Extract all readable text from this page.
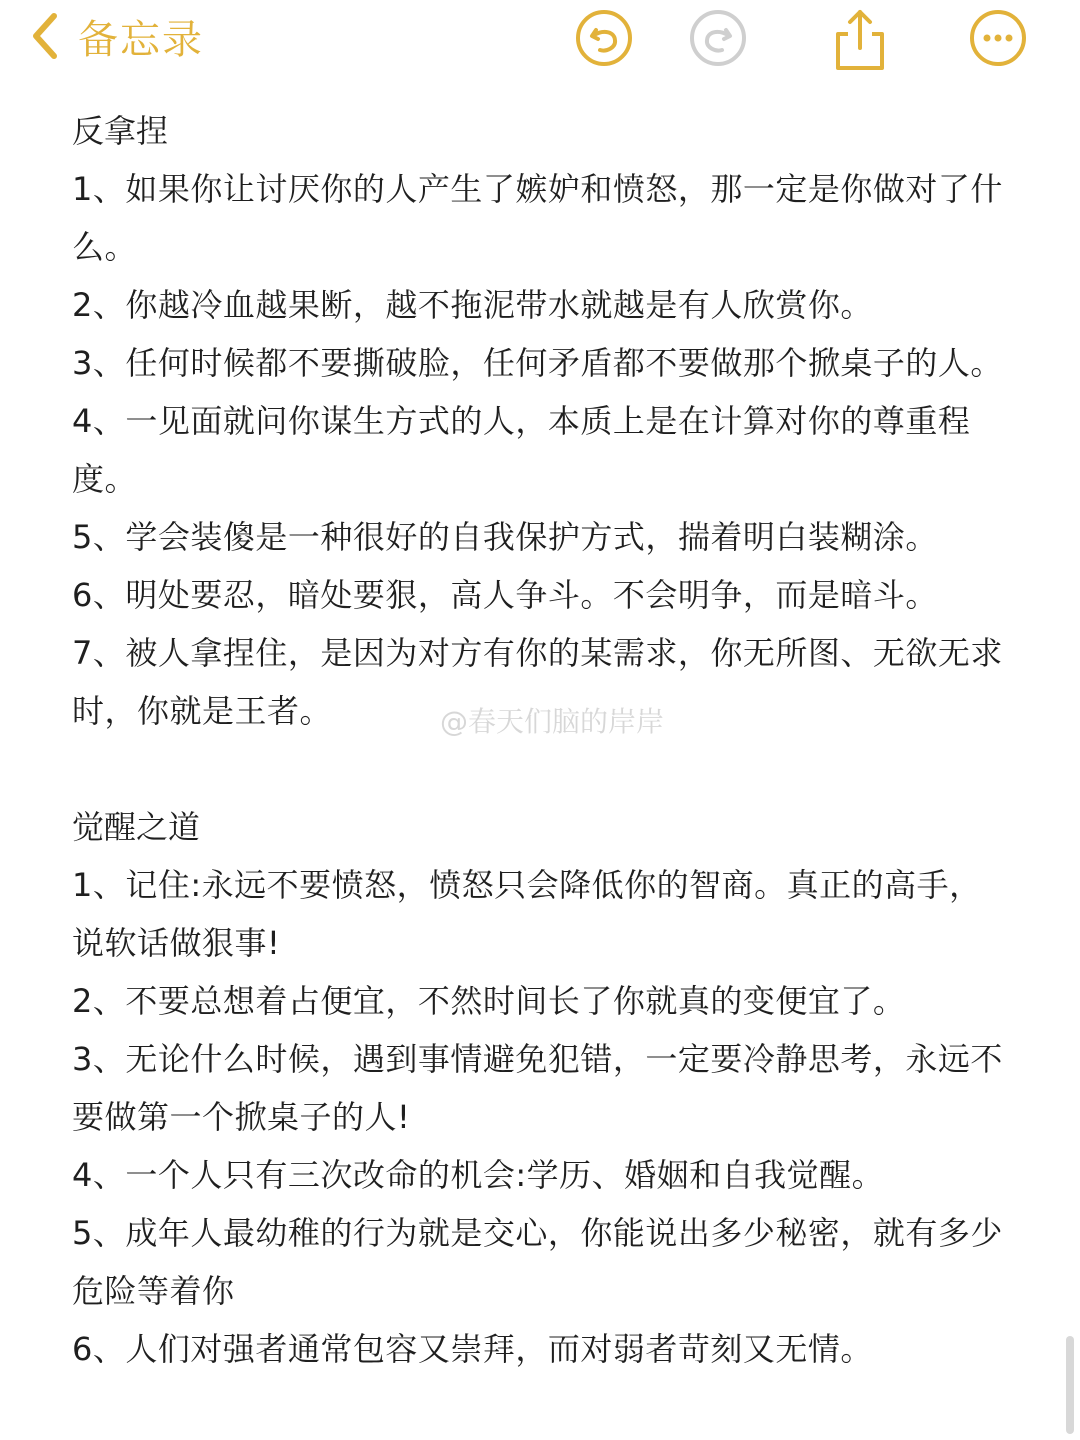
备忘录

反拿捏

1、如果你让讨厌你的人产生了嫉妒和愤怒，那一定是你做对了什么。

2、你越冷血越果断，越不拖泥带水就越是有人欣赏你。

3、任何时候都不要撕破脸，任何矛盾都不要做那个掀桌子的人。

4、一见面就问你谋生方式的人，本质上是在计算对你的尊重程度。

5、学会装傻是一种很好的自我保护方式，揣着明白装糊涂。

6、明处要忍，暗处要狠，高人争斗。不会明争，而是暗斗。

7、被人拿捏住，是因为对方有你的某需求，你无所图、无欲无求时，你就是王者。

觉醒之道

1、记住:永远不要愤怒，愤怒只会降低你的智商。真正的高手，说软话做狠事!

2、不要总想着占便宜，不然时间长了你就真的变便宜了。

3、无论什么时候，遇到事情避免犯错，一定要冷静思考，永远不要做第一个掀桌子的人!

4、一个人只有三次改命的机会:学历、婚姻和自我觉醒。

5、成年人最幼稚的行为就是交心，你能说出多少秘密，就有多少危险等着你

6、人们对强者通常包容又崇拜，而对弱者苛刻又无情。

@春天们脑的岸岸
